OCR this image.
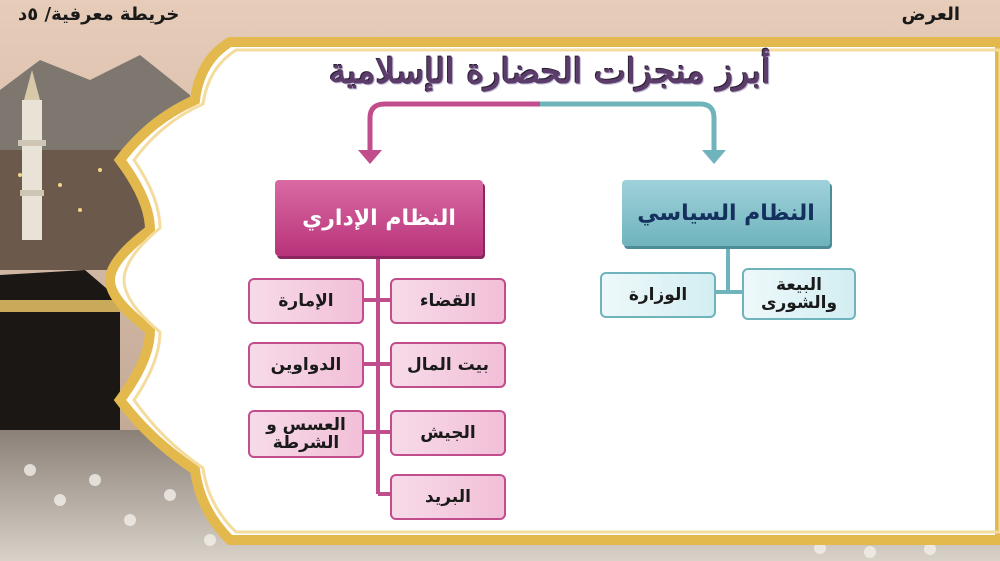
خريطة معرفية/ ٥د	العرض
أبرز منجزات الحضارة الإسلامية
النظام الإداري	النظام السياسي
القضاء
بيت المال
الجيش
البريد
الإمارة
الدواوين
العسس و الشرطة
البيعة والشورى
الوزارة
